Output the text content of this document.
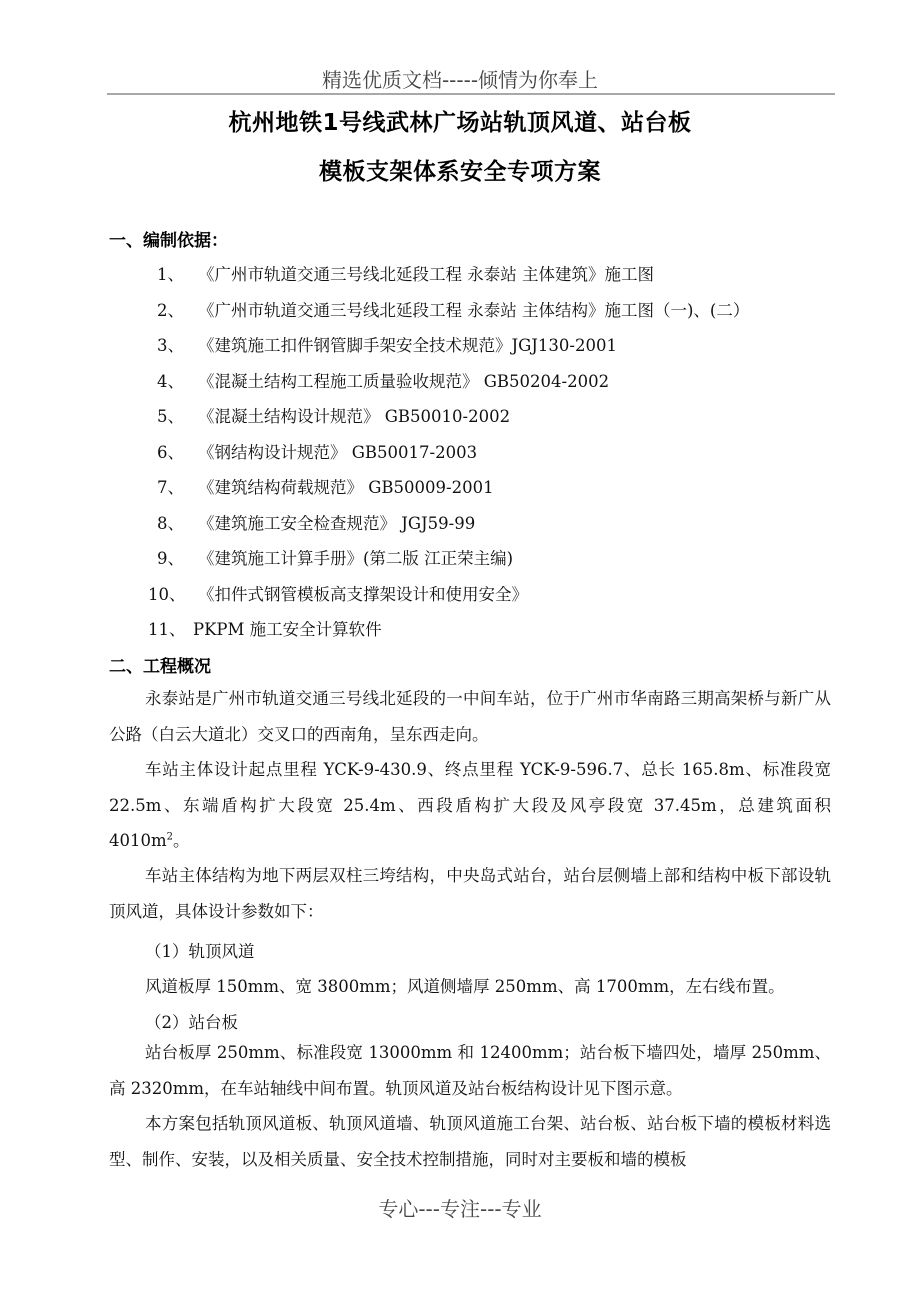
精选优质文档-----倾情为你奉上
杭州地铁1号线武林广场站轨顶风道、站台板
模板支架体系安全专项方案
一、编制依据：
1、 《广州市轨道交通三号线北延段工程 永泰站 主体建筑》施工图
2、 《广州市轨道交通三号线北延段工程 永泰站 主体结构》施工图（一)、(二）
3、 《建筑施工扣件钢管脚手架安全技术规范》JGJ130-2001
4、 《混凝土结构工程施工质量验收规范》 GB50204-2002
5、 《混凝土结构设计规范》 GB50010-2002
6、 《钢结构设计规范》 GB50017-2003
7、 《建筑结构荷载规范》 GB50009-2001
8、 《建筑施工安全检查规范》 JGJ59-99
9、 《建筑施工计算手册》(第二版 江正荣主编)
10、 《扣件式钢管模板高支撑架设计和使用安全》
11、 PKPM 施工安全计算软件
二、工程概况
永泰站是广州市轨道交通三号线北延段的一中间车站，位于广州市华南路三期高架桥与新广从公路（白云大道北）交叉口的西南角，呈东西走向。
车站主体设计起点里程 YCK-9-430.9、终点里程 YCK-9-596.7、总长 165.8m、标准段宽 22.5m、东端盾构扩大段宽 25.4m、西段盾构扩大段及风亭段宽 37.45m，总建筑面积 $4010m^2$。
车站主体结构为地下两层双柱三垮结构，中央岛式站台，站台层侧墙上部和结构中板下部设轨顶风道，具体设计参数如下：
（1）轨顶风道
风道板厚 150mm、宽 3800mm；风道侧墙厚 250mm、高 1700mm，左右线布置。
（2）站台板
站台板厚 250mm、标准段宽 13000mm 和 12400mm；站台板下墙四处，墙厚 250mm、高 2320mm，在车站轴线中间布置。轨顶风道及站台板结构设计见下图示意。
本方案包括轨顶风道板、轨顶风道墙、轨顶风道施工台架、站台板、站台板下墙的模板材料选型、制作、安装，以及相关质量、安全技术控制措施，同时对主要板和墙的模板
专心---专注---专业
